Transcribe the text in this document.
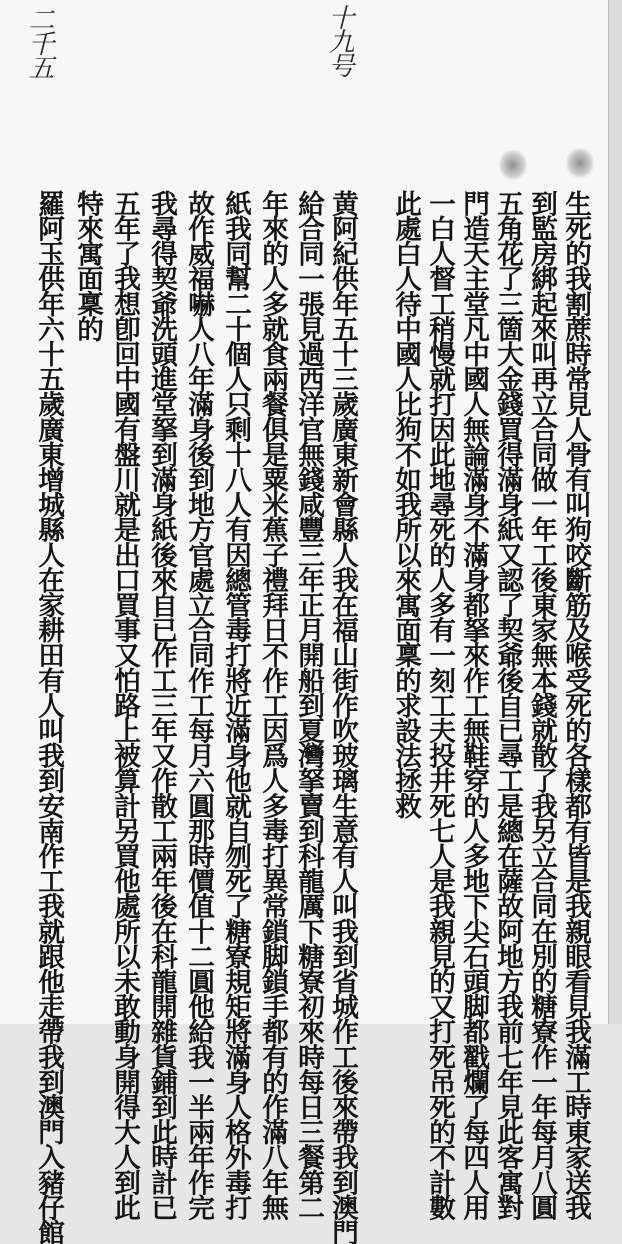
二千五	十九号
生死的我割蔗時常見人骨有叫狗咬斷筋及喉受死的各樣都有皆是我親眼看見我滿工時東家送我
到監房綁起來叫再立合同做一年工後東家無本錢就散了我另立合同在別的糖寮作一年每月八圓
五角花了三箇大金錢買得滿身紙又認了契爺後自已尋工是總在薩故阿地方我前七年見此客寓對
門造天主堂凡中國人無論滿身不滿身都拏來作工無鞋穿的人多地下尖石頭脚都戳爛了每四人用
一白人督工稍慢就打因此地尋死的人多有一刻工夫投井死七人是我親見的又打死吊死的不計數
此處白人待中國人比狗不如我所以來寓面稟的求設法拯救
黄阿紀供年五十三歲廣東新會縣人我在福山街作吹玻璃生意有人叫我到省城作工後來帶我到澳門
給合同一張見過西洋官無錢咸豐三年正月開船到夏灣拏賣到科龍厲下糖寮初來時每日三餐第二
年來的人多就食兩餐俱是粟米蕉子禮拜日不作工因爲人多毒打異常鎖脚鎖手都有的作滿八年無
紙我同幫二十個人只剩十八人有因總管毒打將近滿身他就自刎死了糖寮規矩將滿身人格外毒打
故作威福嚇人八年滿身後到地方官處立合同作工每月六圓那時價值十二圓他給我一半兩年作完
我尋得契爺洗頭進堂拏到滿身紙後來自已作工三年又作散工兩年後在科龍開雜貨鋪到此時計已
五年了我想卽回中國有盤川就是出口買事又怕路上被算計另買他處所以未敢動身開得大人到此
特來寓面稟的
羅阿玉供年六十五歲廣東增城縣人在家耕田有人叫我到安南作工我就跟他走帶我到澳門入豬仔館
